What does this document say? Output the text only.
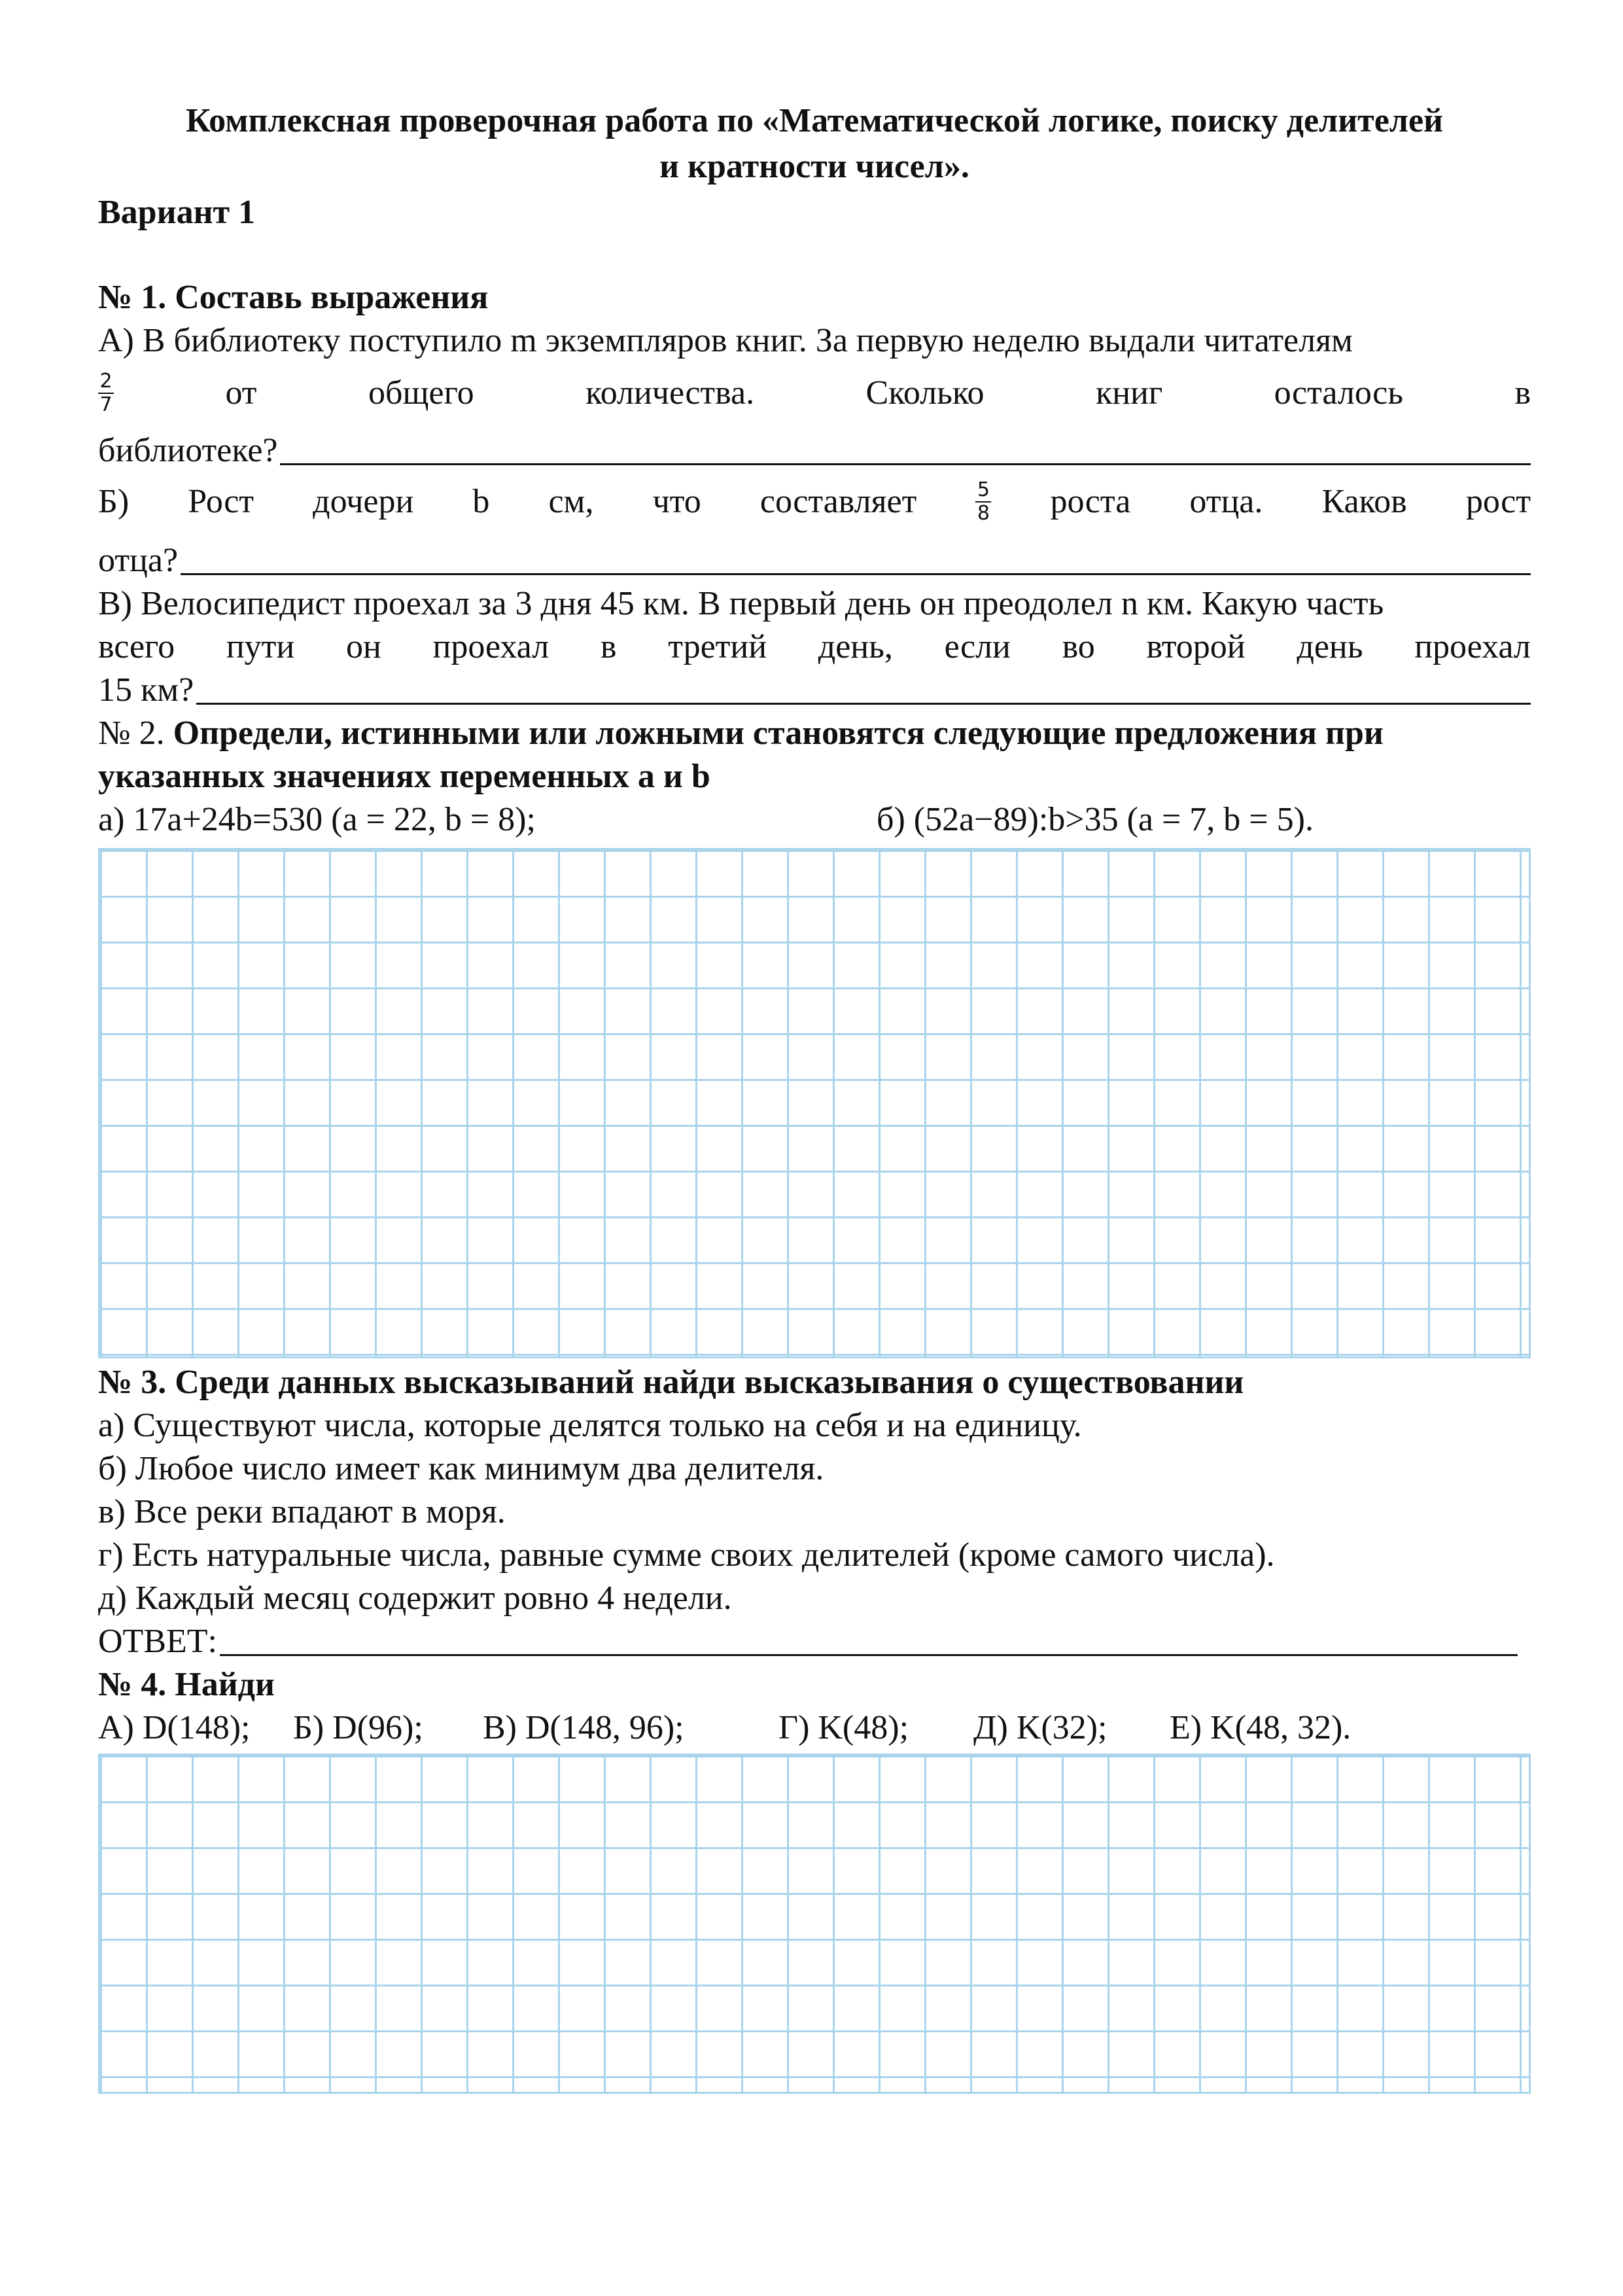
Комплексная проверочная работа по «Математической логике, поиску делителей
и кратности чисел».
Вариант 1
№ 1. Составь выражения
А) В библиотеку поступило m экземпляров книг. За первую неделю выдали читателям
$\frac{2}{7}$	от	общего	количества.	Сколько	книг	осталось	в
библиотеке?
Б) Рост дочери b см, что составляет	$\frac{5}{8}$ роста отца. Каков рост
отца?
В) Велосипедист проехал за 3 дня 45 км. В первый день он преодолел n км. Какую часть
всего пути он проехал в третий день, если во второй день проехал
15 км?
№ 2. Определи, истинными или ложными становятся следующие предложения при
указанных значениях переменных a и b
а) 17a+24b=530 (a = 22, b = 8);	б) (52a−89):b>35 (a = 7, b = 5).
№ 3. Среди данных высказываний найди высказывания о существовании
а) Существуют числа, которые делятся только на себя и на единицу.
б) Любое число имеет как минимум два делителя.
в) Все реки впадают в моря.
г) Есть натуральные числа, равные сумме своих делителей (кроме самого числа).
д) Каждый месяц содержит ровно 4 недели.
ОТВЕТ:
№ 4. Найди
А) D(148); Б) D(96); В) D(148, 96);	Г) K(48); Д) K(32); Е) K(48, 32).
